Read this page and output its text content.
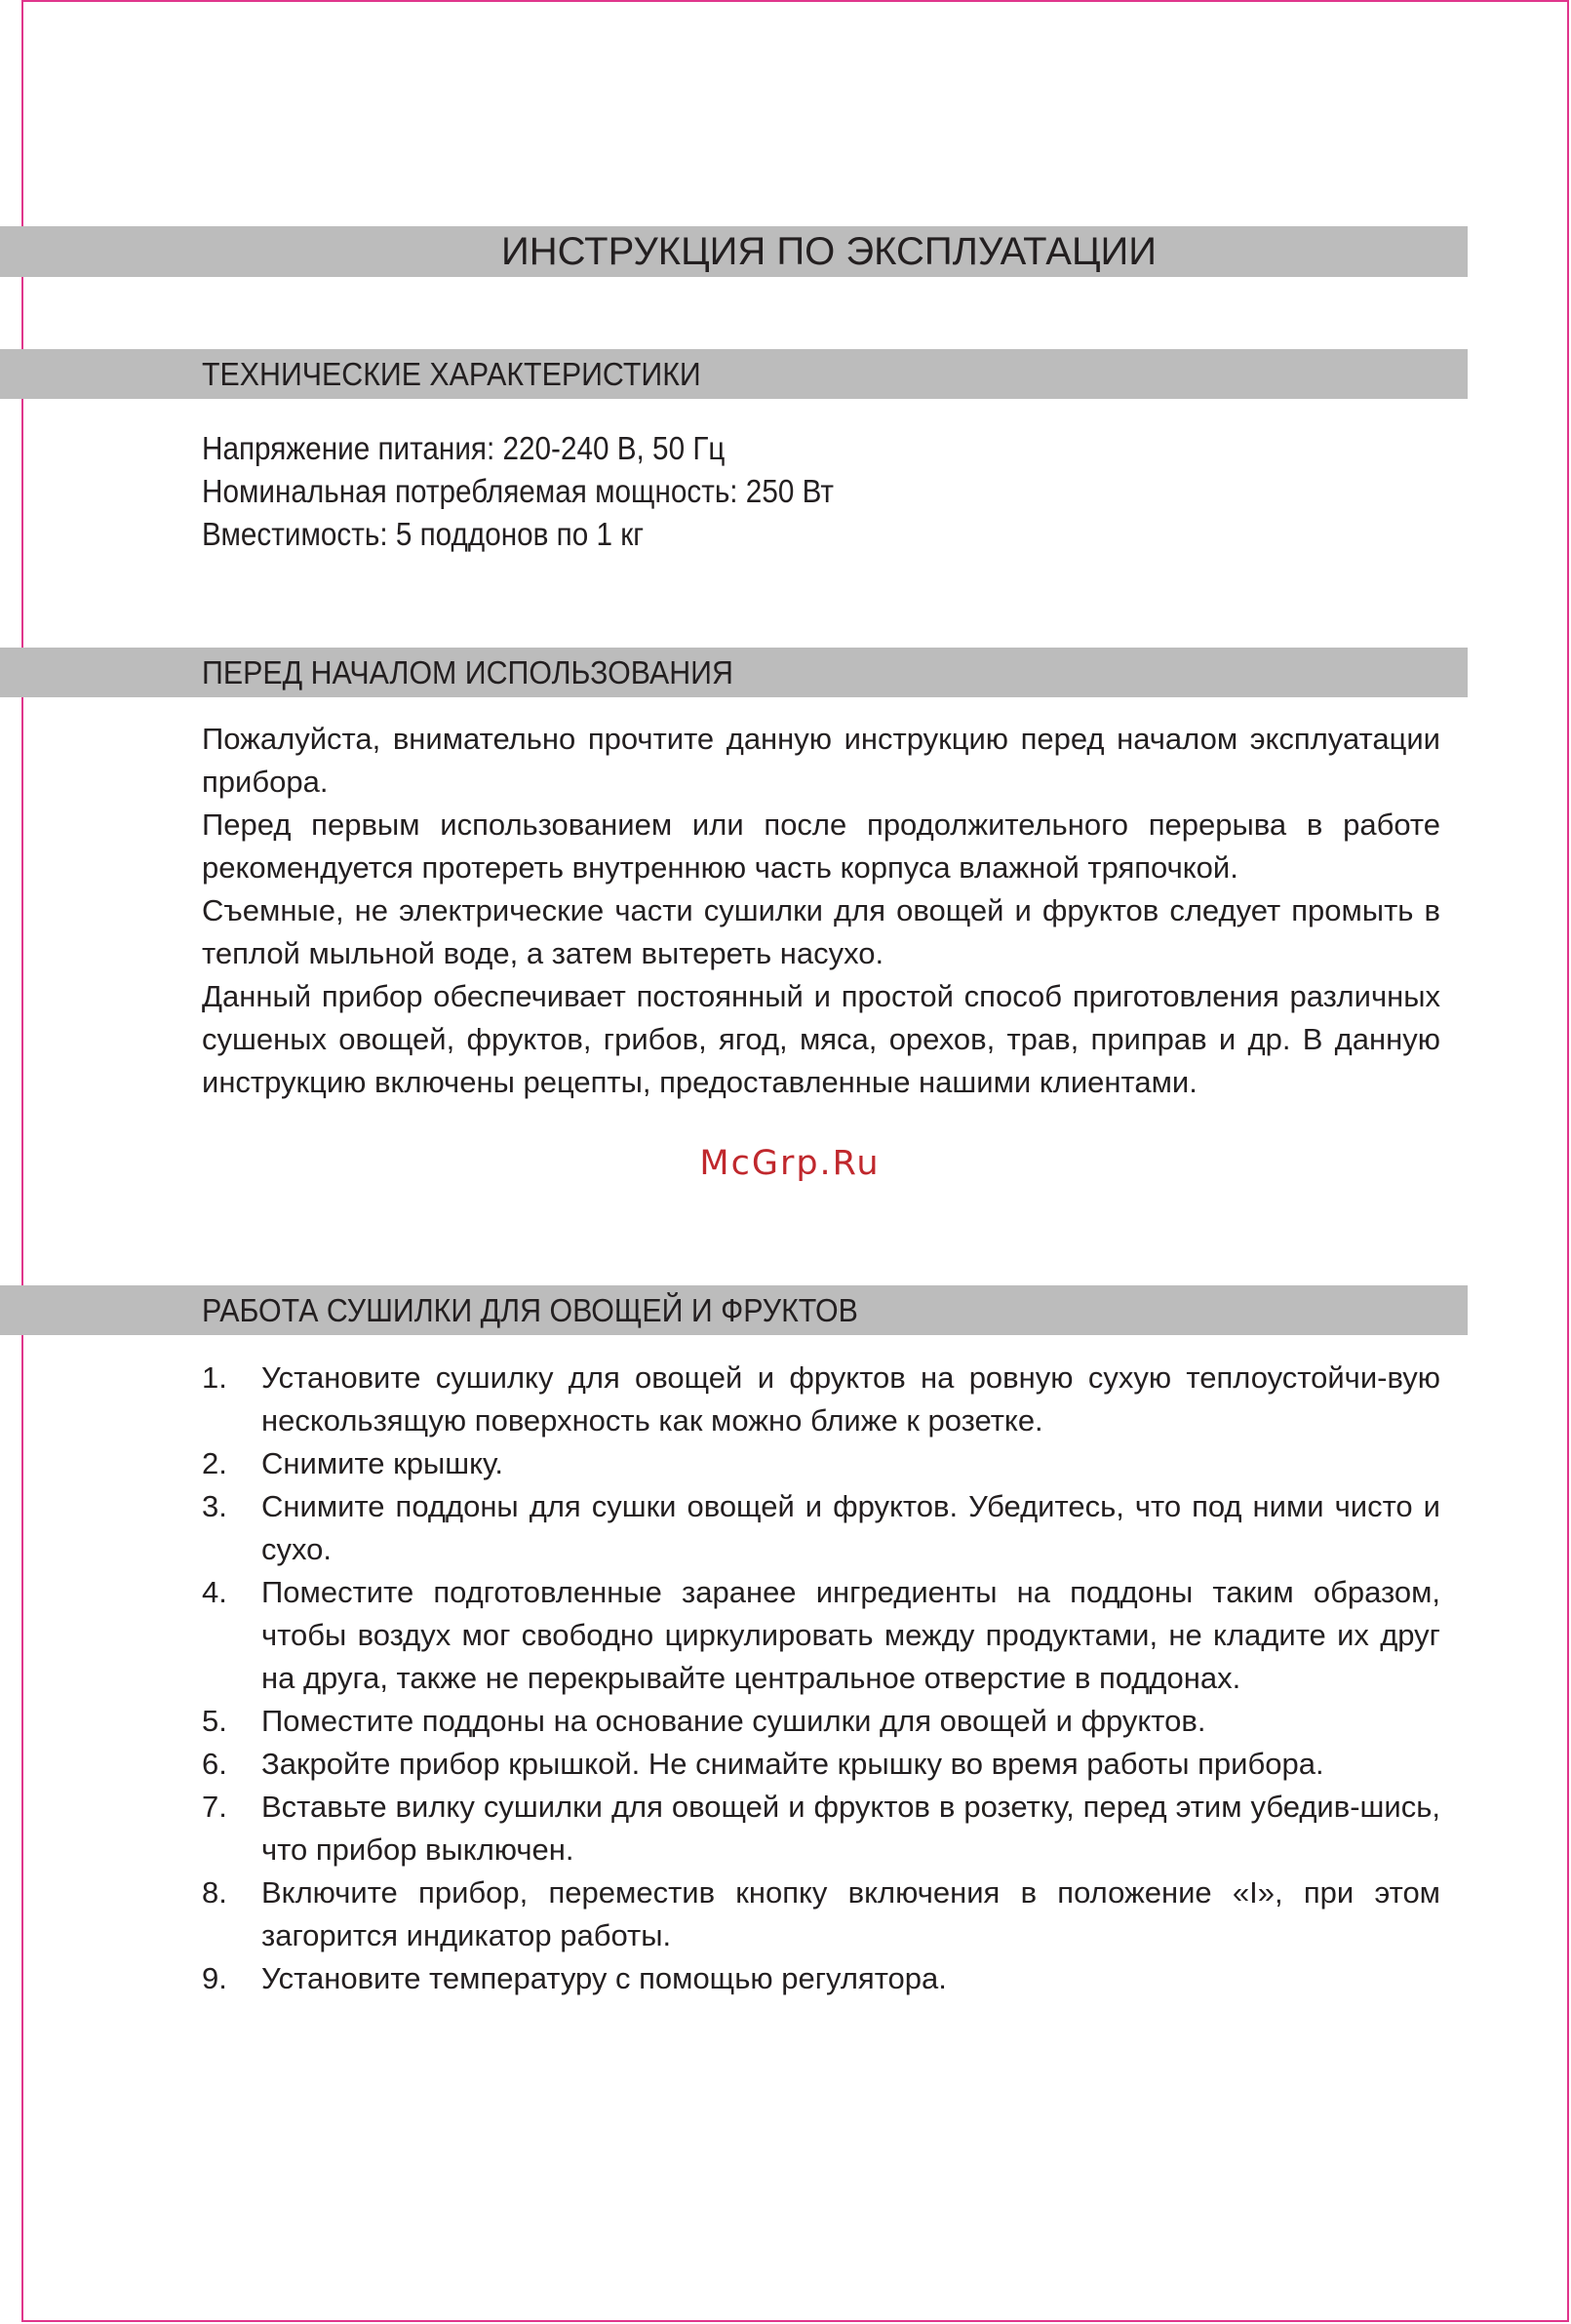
ИНСТРУКЦИЯ ПО ЭКСПЛУАТАЦИИ
ТЕХНИЧЕСКИЕ ХАРАКТЕРИСТИКИ
Напряжение питания: 220-240 В, 50 Гц
Номинальная потребляемая мощность: 250 Вт
Вместимость: 5 поддонов по 1 кг
ПЕРЕД НАЧАЛОМ ИСПОЛЬЗОВАНИЯ

Пожалуйста, внимательно прочтите данную инструкцию перед началом эксплуатации прибора.

Перед первым использованием или после продолжительного перерыва в работе рекомендуется протереть внутреннюю часть корпуса влажной тряпочкой.

Съемные, не электрические части сушилки для овощей и фруктов следует промыть в теплой мыльной воде, а затем вытереть насухо.

Данный прибор обеспечивает постоянный и простой способ приготовления различных сушеных овощей, фруктов, грибов, ягод, мяса, орехов, трав, приправ и др. В данную инструкцию включены рецепты, предоставленные нашими клиентами.

McGrp.Ru
РАБОТА СУШИЛКИ ДЛЯ ОВОЩЕЙ И ФРУКТОВ
1. Установите сушилку для овощей и фруктов на ровную сухую теплоустойчи-вую нескользящую поверхность как можно ближе к розетке.
2. Снимите крышку.
3. Снимите поддоны для сушки овощей и фруктов. Убедитесь, что под ними чисто и сухо.
4. Поместите подготовленные заранее ингредиенты на поддоны таким образом, чтобы воздух мог свободно циркулировать между продуктами, не кладите их друг на друга, также не перекрывайте центральное отверстие в поддонах.
5. Поместите поддоны на основание сушилки для овощей и фруктов.
6. Закройте прибор крышкой. Не снимайте крышку во время работы прибора.
7. Вставьте вилку сушилки для овощей и фруктов в розетку, перед этим убедив-шись, что прибор выключен.
8. Включите прибор, переместив кнопку включения в положение «I», при этом загорится индикатор работы.
9. Установите температуру с помощью регулятора.
